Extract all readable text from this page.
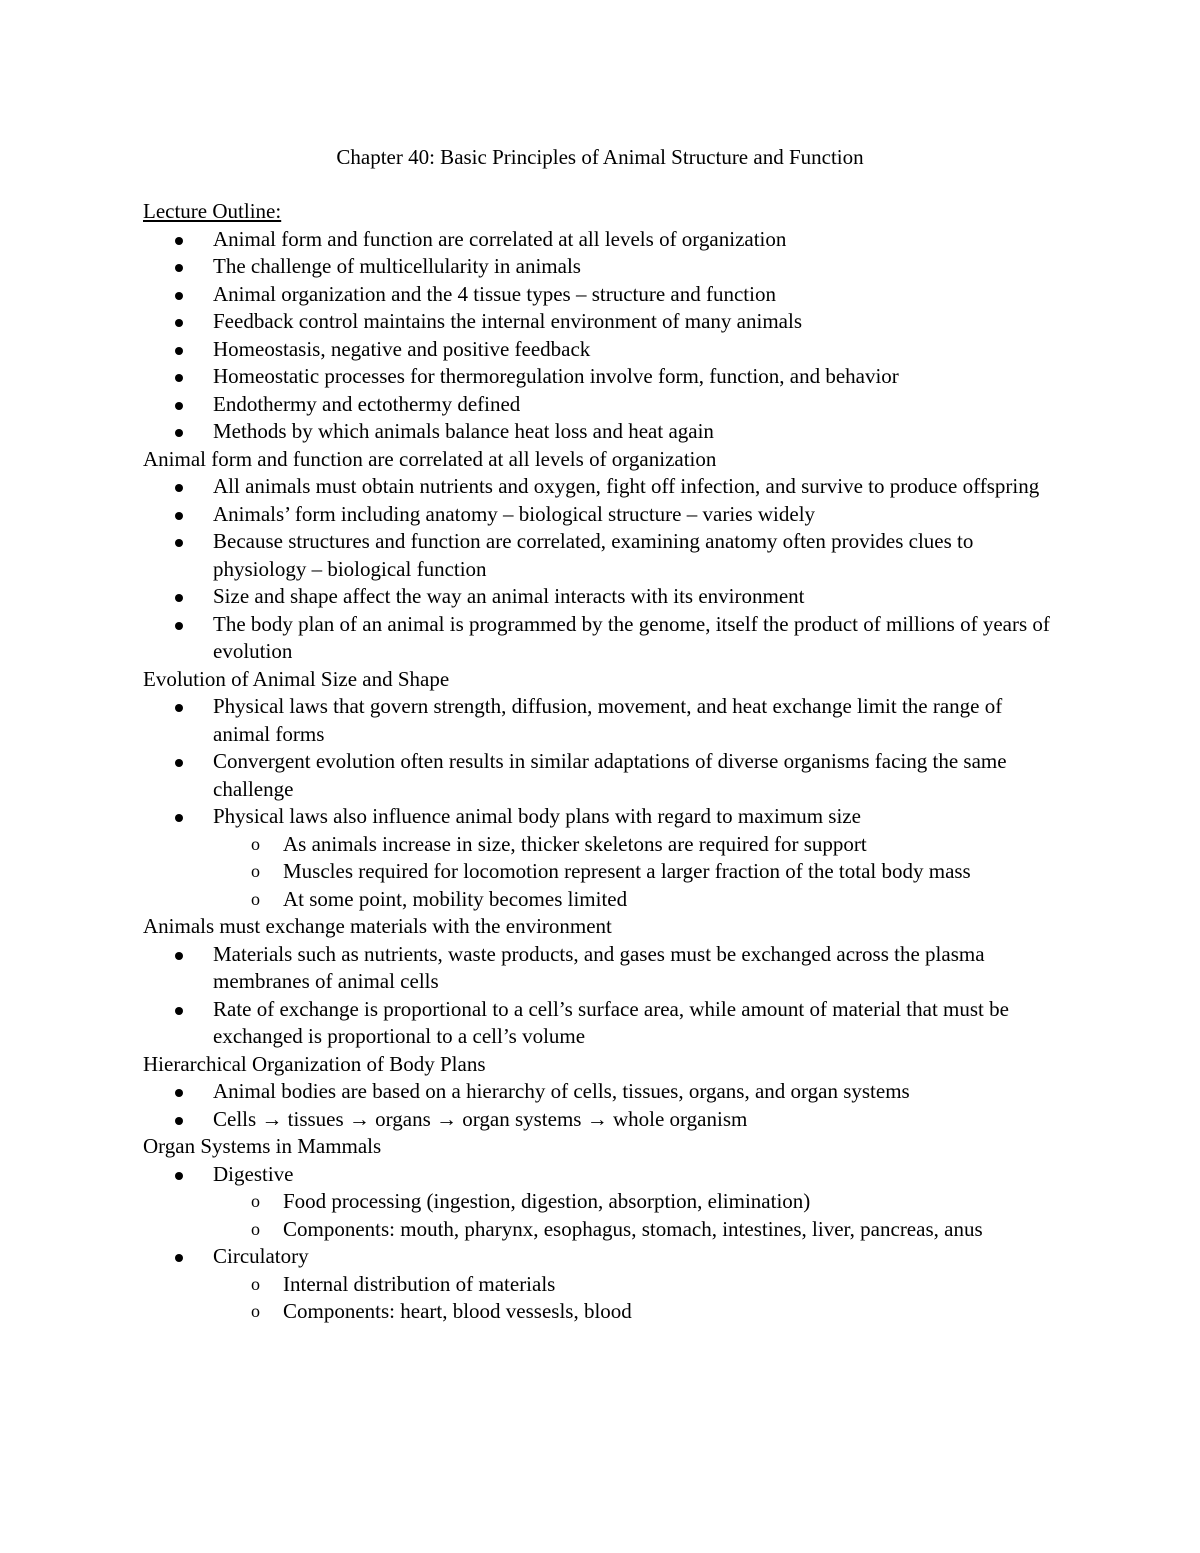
Chapter 40: Basic Principles of Animal Structure and Function
Lecture Outline:
Animal form and function are correlated at all levels of organization
The challenge of multicellularity in animals
Animal organization and the 4 tissue types – structure and function
Feedback control maintains the internal environment of many animals
Homeostasis, negative and positive feedback
Homeostatic processes for thermoregulation involve form, function, and behavior
Endothermy and ectothermy defined
Methods by which animals balance heat loss and heat again
Animal form and function are correlated at all levels of organization
All animals must obtain nutrients and oxygen, fight off infection, and survive to produce offspring
Animals’ form including anatomy – biological structure – varies widely
Because structures and function are correlated, examining anatomy often provides clues to physiology – biological function
Size and shape affect the way an animal interacts with its environment
The body plan of an animal is programmed by the genome, itself the product of millions of years of evolution
Evolution of Animal Size and Shape
Physical laws that govern strength, diffusion, movement, and heat exchange limit the range of animal forms
Convergent evolution often results in similar adaptations of diverse organisms facing the same challenge
Physical laws also influence animal body plans with regard to maximum size
o As animals increase in size, thicker skeletons are required for support
o Muscles required for locomotion represent a larger fraction of the total body mass
o At some point, mobility becomes limited
Animals must exchange materials with the environment
Materials such as nutrients, waste products, and gases must be exchanged across the plasma membranes of animal cells
Rate of exchange is proportional to a cell’s surface area, while amount of material that must be exchanged is proportional to a cell’s volume
Hierarchical Organization of Body Plans
Animal bodies are based on a hierarchy of cells, tissues, organs, and organ systems
Cells → tissues → organs → organ systems → whole organism
Organ Systems in Mammals
Digestive
o Food processing (ingestion, digestion, absorption, elimination)
o Components: mouth, pharynx, esophagus, stomach, intestines, liver, pancreas, anus
Circulatory
o Internal distribution of materials
o Components: heart, blood vessesls, blood
